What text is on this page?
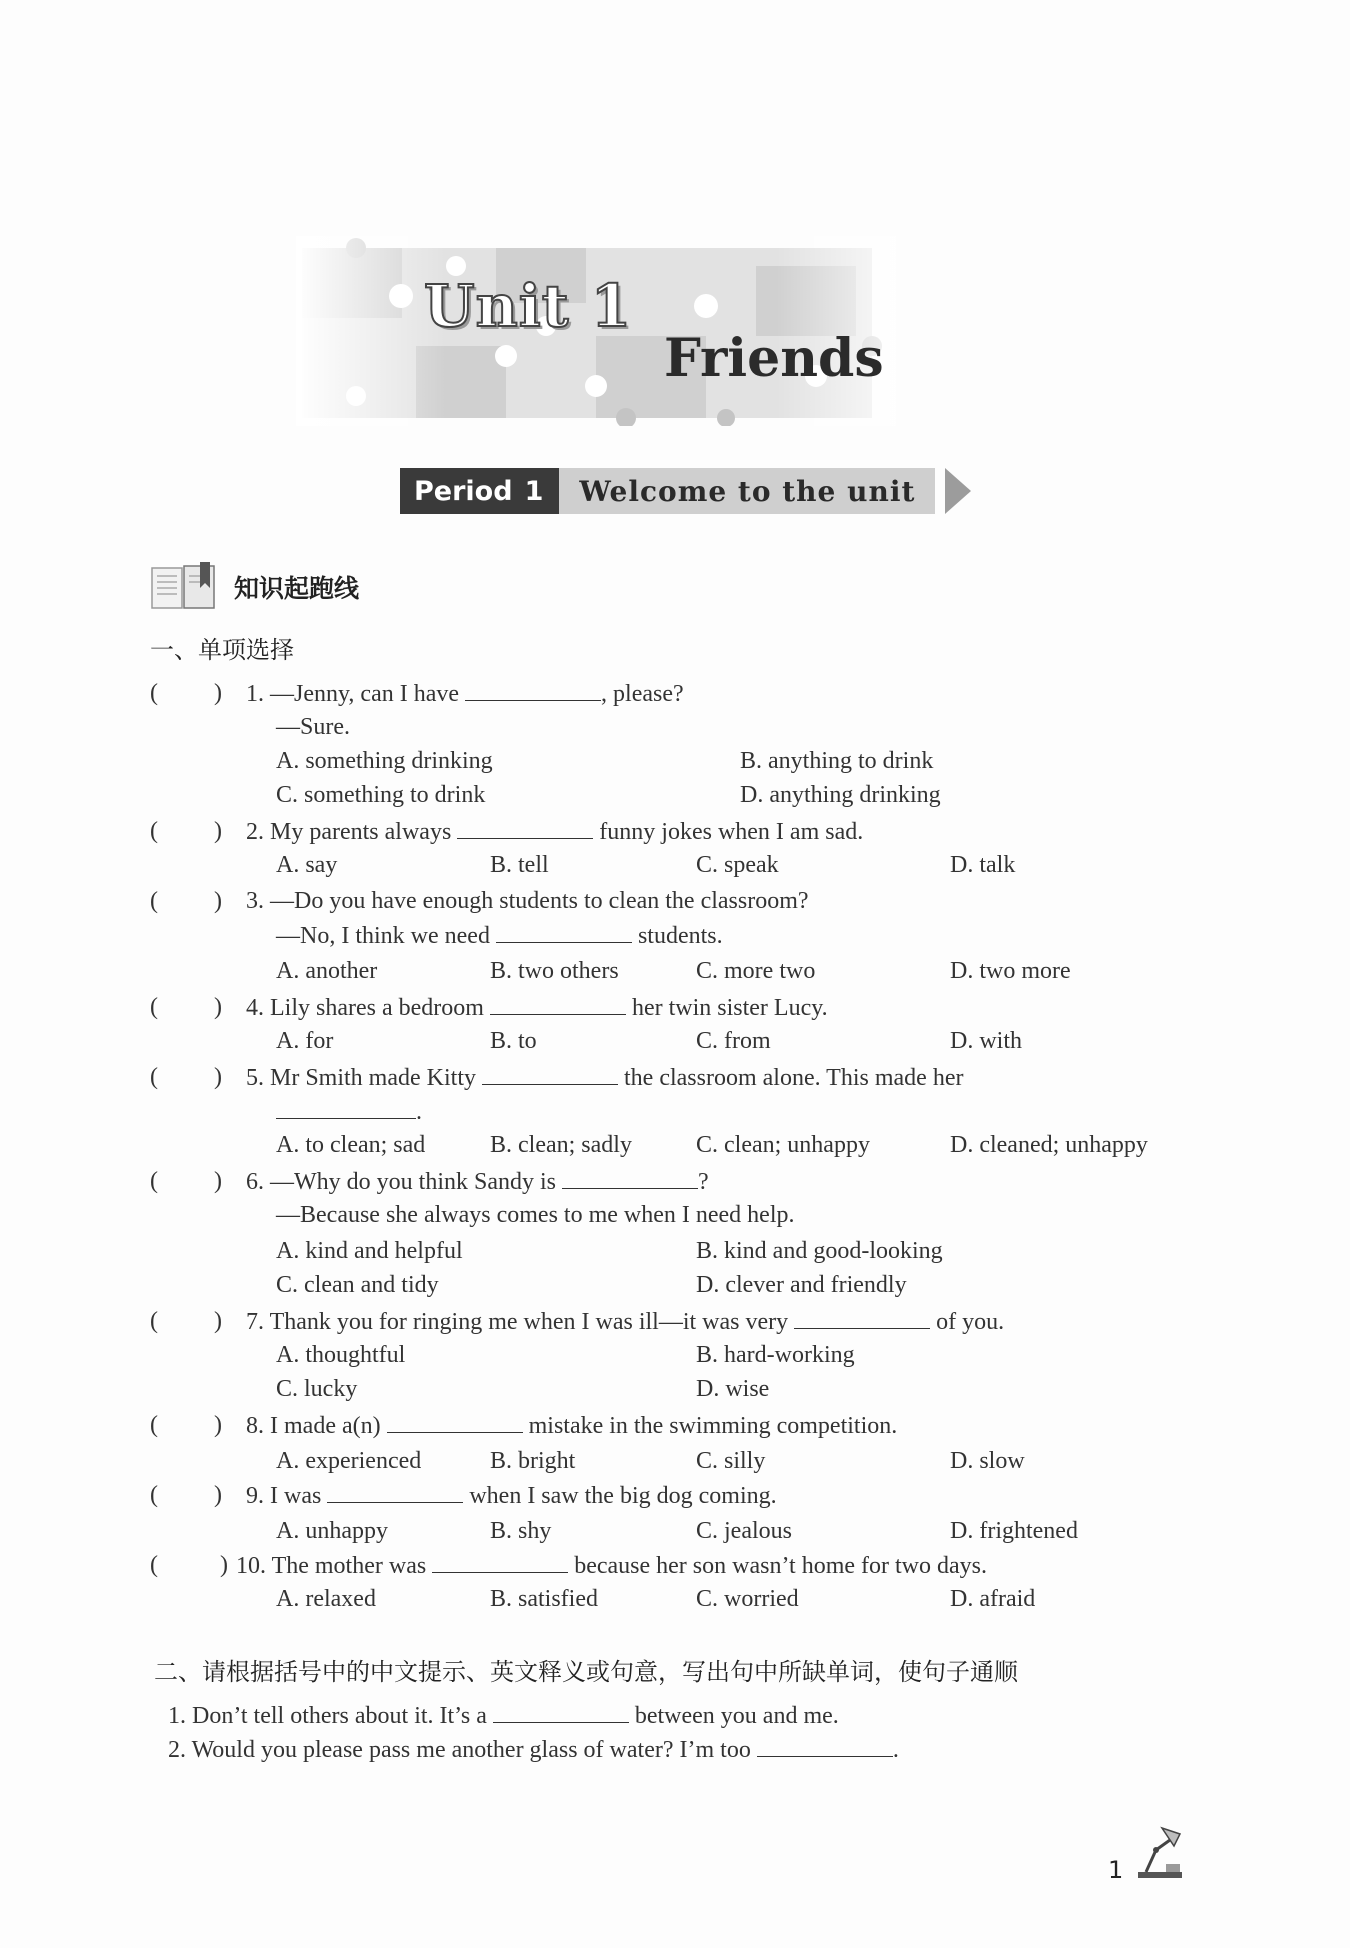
Unit 1
Friends
Period 1	Welcome to the unit
知识起跑线
一、单项选择
( ) 1. —Jenny, can I have	, please?
—Sure.
A. something drinking	B. anything to drink
C. something to drink	D. anything drinking
( ) 2. My parents always	funny jokes when I am sad.
A. say	B. tell	C. speak	D. talk
( ) 3. —Do you have enough students to clean the classroom?
—No, I think we need	students.
A. another	B. two others	C. more two	D. two more
( ) 4. Lily shares a bedroom	her twin sister Lucy.
A. for	B. to	C. from	D. with
( ) 5. Mr Smith made Kitty	the classroom alone. This made her
.
A. to clean; sad	B. clean; sadly	C. clean; unhappy	D. cleaned; unhappy
( ) 6. —Why do you think Sandy is	?
—Because she always comes to me when I need help.
A. kind and helpful	B. kind and good-looking
C. clean and tidy	D. clever and friendly
( ) 7. Thank you for ringing me when I was ill—it was very	of you.
A. thoughtful	B. hard-working
C. lucky	D. wise
( ) 8. I made a(n)	mistake in the swimming competition.
A. experienced	B. bright	C. silly	D. slow
( ) 9. I was	when I saw the big dog coming.
A. unhappy	B. shy	C. jealous	D. frightened
(	) 10. The mother was	because her son wasn’t home for two days.
A. relaxed	B. satisfied	C. worried	D. afraid
二、请根据括号中的中文提示、英文释义或句意，写出句中所缺单词，使句子通顺
1. Don’t tell others about it. It’s a	between you and me.
2. Would you please pass me another glass of water? I’m too	.
1
